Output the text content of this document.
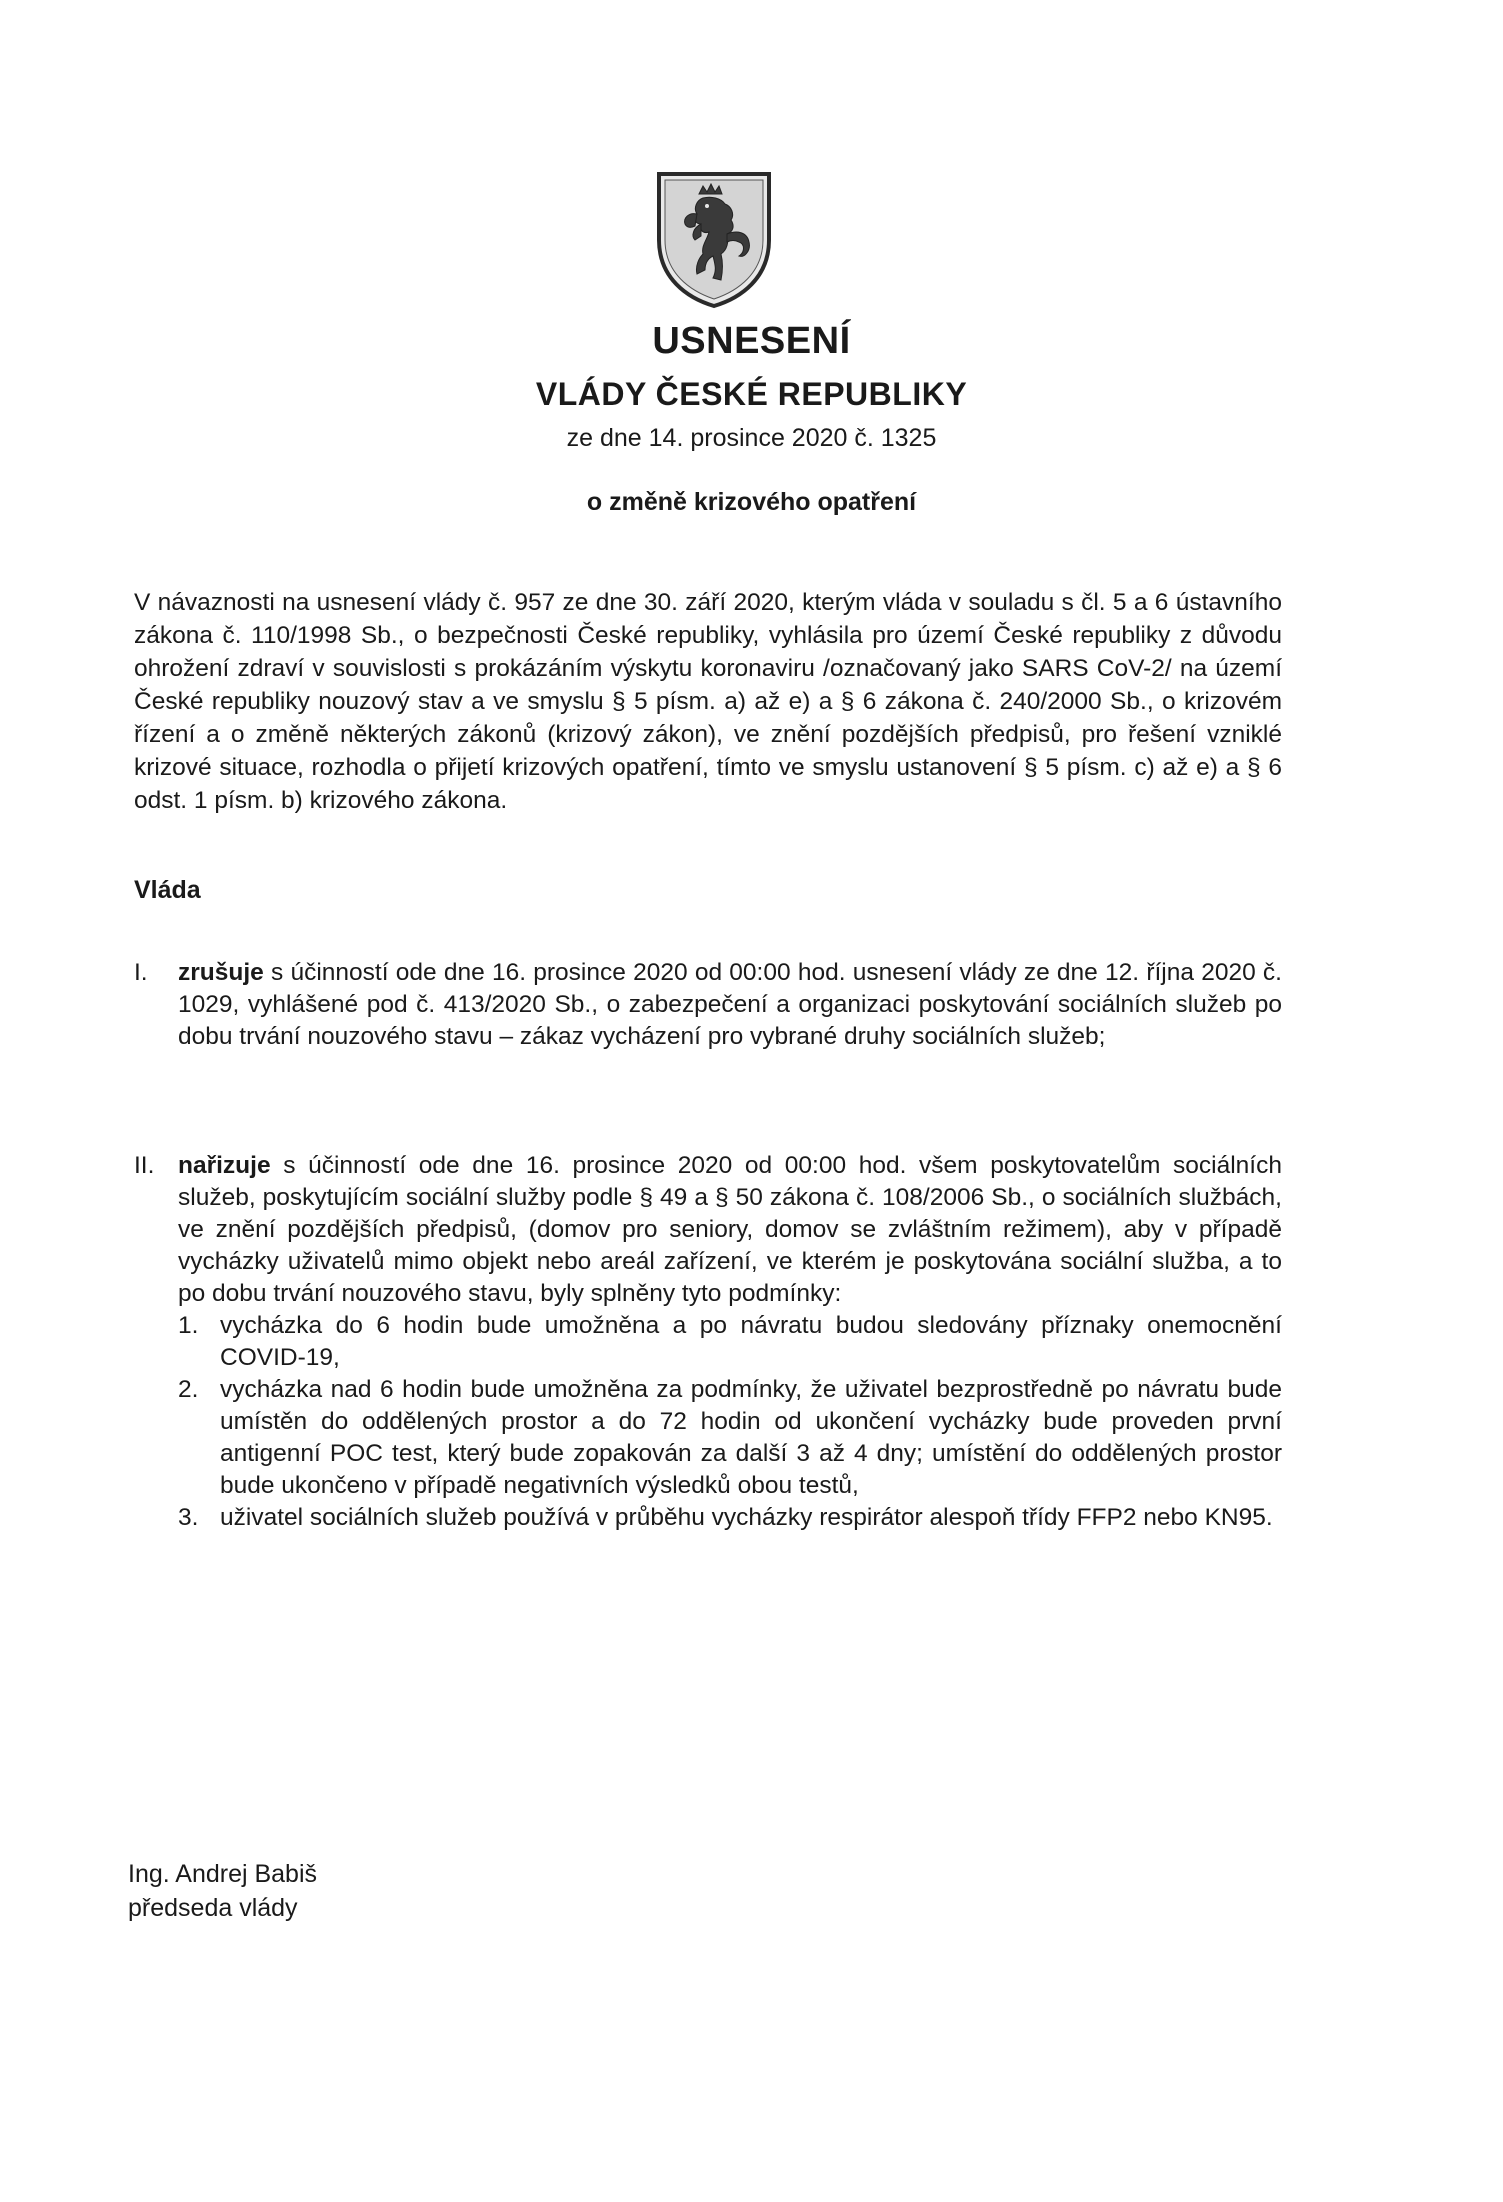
USNESENÍ
VLÁDY ČESKÉ REPUBLIKY
ze dne 14. prosince 2020 č. 1325
o změně krizového opatření
V návaznosti na usnesení vlády č. 957 ze dne 30. září 2020, kterým vláda v souladu s čl. 5 a 6 ústavního zákona č. 110/1998 Sb., o bezpečnosti České republiky, vyhlásila pro území České republiky z důvodu ohrožení zdraví v souvislosti s prokázáním výskytu koronaviru /označovaný jako SARS CoV-2/ na území České republiky nouzový stav a ve smyslu § 5 písm. a) až e) a § 6 zákona č. 240/2000 Sb., o krizovém řízení a o změně některých zákonů (krizový zákon), ve znění pozdějších předpisů, pro řešení vzniklé krizové situace, rozhodla o přijetí krizových opatření, tímto ve smyslu ustanovení § 5 písm. c) až e) a § 6 odst. 1 písm. b) krizového zákona.
Vláda
I. zrušuje s účinností ode dne 16. prosince 2020 od 00:00 hod. usnesení vlády ze dne 12. října 2020 č. 1029, vyhlášené pod č. 413/2020 Sb., o zabezpečení a organizaci poskytování sociálních služeb po dobu trvání nouzového stavu – zákaz vycházení pro vybrané druhy sociálních služeb;
II. nařizuje s účinností ode dne 16. prosince 2020 od 00:00 hod. všem poskytovatelům sociálních služeb, poskytujícím sociální služby podle § 49 a § 50 zákona č. 108/2006 Sb., o sociálních službách, ve znění pozdějších předpisů, (domov pro seniory, domov se zvláštním režimem), aby v případě vycházky uživatelů mimo objekt nebo areál zařízení, ve kterém je poskytována sociální služba, a to po dobu trvání nouzového stavu, byly splněny tyto podmínky:
1. vycházka do 6 hodin bude umožněna a po návratu budou sledovány příznaky onemocnění COVID-19,
2. vycházka nad 6 hodin bude umožněna za podmínky, že uživatel bezprostředně po návratu bude umístěn do oddělených prostor a do 72 hodin od ukončení vycházky bude proveden první antigenní POC test, který bude zopakován za další 3 až 4 dny; umístění do oddělených prostor bude ukončeno v případě negativních výsledků obou testů,
3. uživatel sociálních služeb používá v průběhu vycházky respirátor alespoň třídy FFP2 nebo KN95.
Ing. Andrej Babiš
předseda vlády
